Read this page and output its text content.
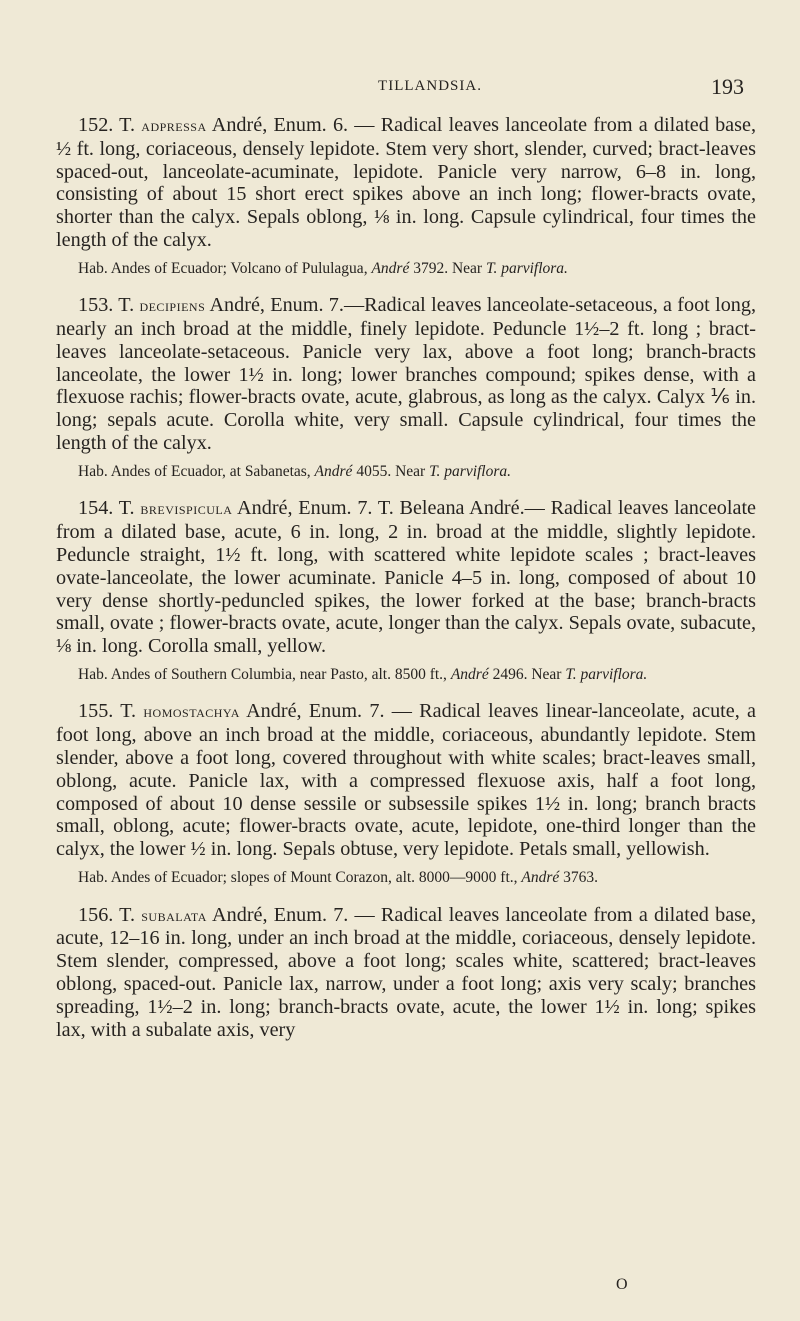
TILLANDSIA.	193

152. T. adpressa André, Enum. 6. — Radical leaves lanceolate from a dilated base, ½ ft. long, coriaceous, densely lepidote. Stem very short, slender, curved; bract-leaves spaced-out, lanceolate-acuminate, lepidote. Panicle very narrow, 6–8 in. long, consisting of about 15 short erect spikes above an inch long; flower-bracts ovate, shorter than the calyx. Sepals oblong, ⅛ in. long. Capsule cylindrical, four times the length of the calyx.

Hab. Andes of Ecuador; Volcano of Pululagua, André 3792. Near T. parviflora.

153. T. decipiens André, Enum. 7.—Radical leaves lanceolate-setaceous, a foot long, nearly an inch broad at the middle, finely lepidote. Peduncle 1½–2 ft. long ; bract-leaves lanceolate-setaceous. Panicle very lax, above a foot long; branch-bracts lanceolate, the lower 1½ in. long; lower branches compound; spikes dense, with a flexuose rachis; flower-bracts ovate, acute, glabrous, as long as the calyx. Calyx ⅙ in. long; sepals acute. Corolla white, very small. Capsule cylindrical, four times the length of the calyx.

Hab. Andes of Ecuador, at Sabanetas, André 4055. Near T. parviflora.

154. T. brevispicula André, Enum. 7. T. Beleana André.— Radical leaves lanceolate from a dilated base, acute, 6 in. long, 2 in. broad at the middle, slightly lepidote. Peduncle straight, 1½ ft. long, with scattered white lepidote scales ; bract-leaves ovate-lanceolate, the lower acuminate. Panicle 4–5 in. long, composed of about 10 very dense shortly-peduncled spikes, the lower forked at the base; branch-bracts small, ovate ; flower-bracts ovate, acute, longer than the calyx. Sepals ovate, subacute, ⅛ in. long. Corolla small, yellow.

Hab. Andes of Southern Columbia, near Pasto, alt. 8500 ft., André 2496. Near T. parviflora.

155. T. homostachya André, Enum. 7. — Radical leaves linear-lanceolate, acute, a foot long, above an inch broad at the middle, coriaceous, abundantly lepidote. Stem slender, above a foot long, covered throughout with white scales; bract-leaves small, oblong, acute. Panicle lax, with a compressed flexuose axis, half a foot long, composed of about 10 dense sessile or subsessile spikes 1½ in. long; branch bracts small, oblong, acute; flower-bracts ovate, acute, lepidote, one-third longer than the calyx, the lower ½ in. long. Sepals obtuse, very lepidote. Petals small, yellowish.

Hab. Andes of Ecuador; slopes of Mount Corazon, alt. 8000—9000 ft., André 3763.

156. T. subalata André, Enum. 7. — Radical leaves lanceolate from a dilated base, acute, 12–16 in. long, under an inch broad at the middle, coriaceous, densely lepidote. Stem slender, compressed, above a foot long; scales white, scattered; bract-leaves oblong, spaced-out. Panicle lax, narrow, under a foot long; axis very scaly; branches spreading, 1½–2 in. long; branch-bracts ovate, acute, the lower 1½ in. long; spikes lax, with a subalate axis, very

O
